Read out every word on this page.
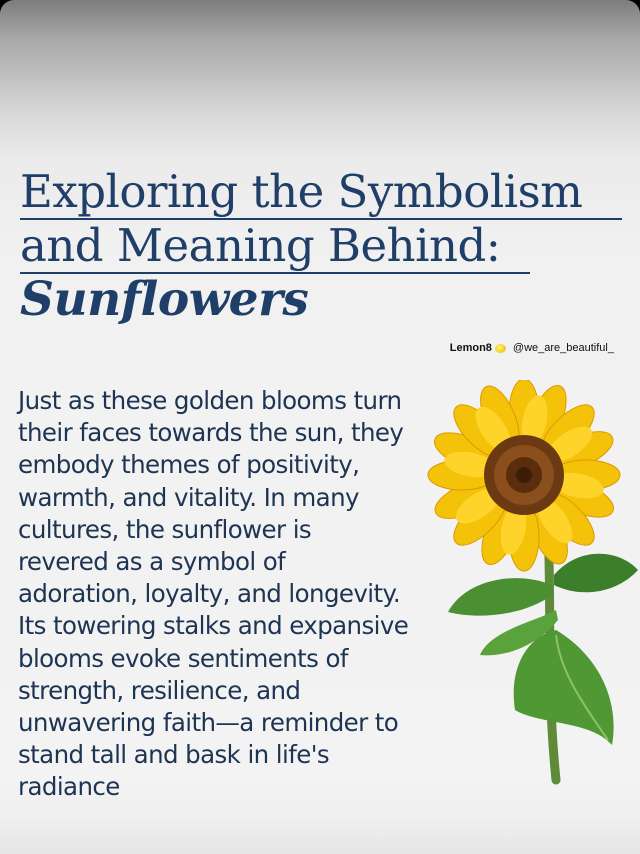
Exploring the Symbolism
and Meaning Behind:
Sunflowers
Lemon8 @we_are_beautiful_
Just as these golden blooms turn
their faces towards the sun, they
embody themes of positivity,
warmth, and vitality. In many
cultures, the sunflower is
revered as a symbol of
adoration, loyalty, and longevity.
Its towering stalks and expansive
blooms evoke sentiments of
strength, resilience, and
unwavering faith—a reminder to
stand tall and bask in life's
radiance
